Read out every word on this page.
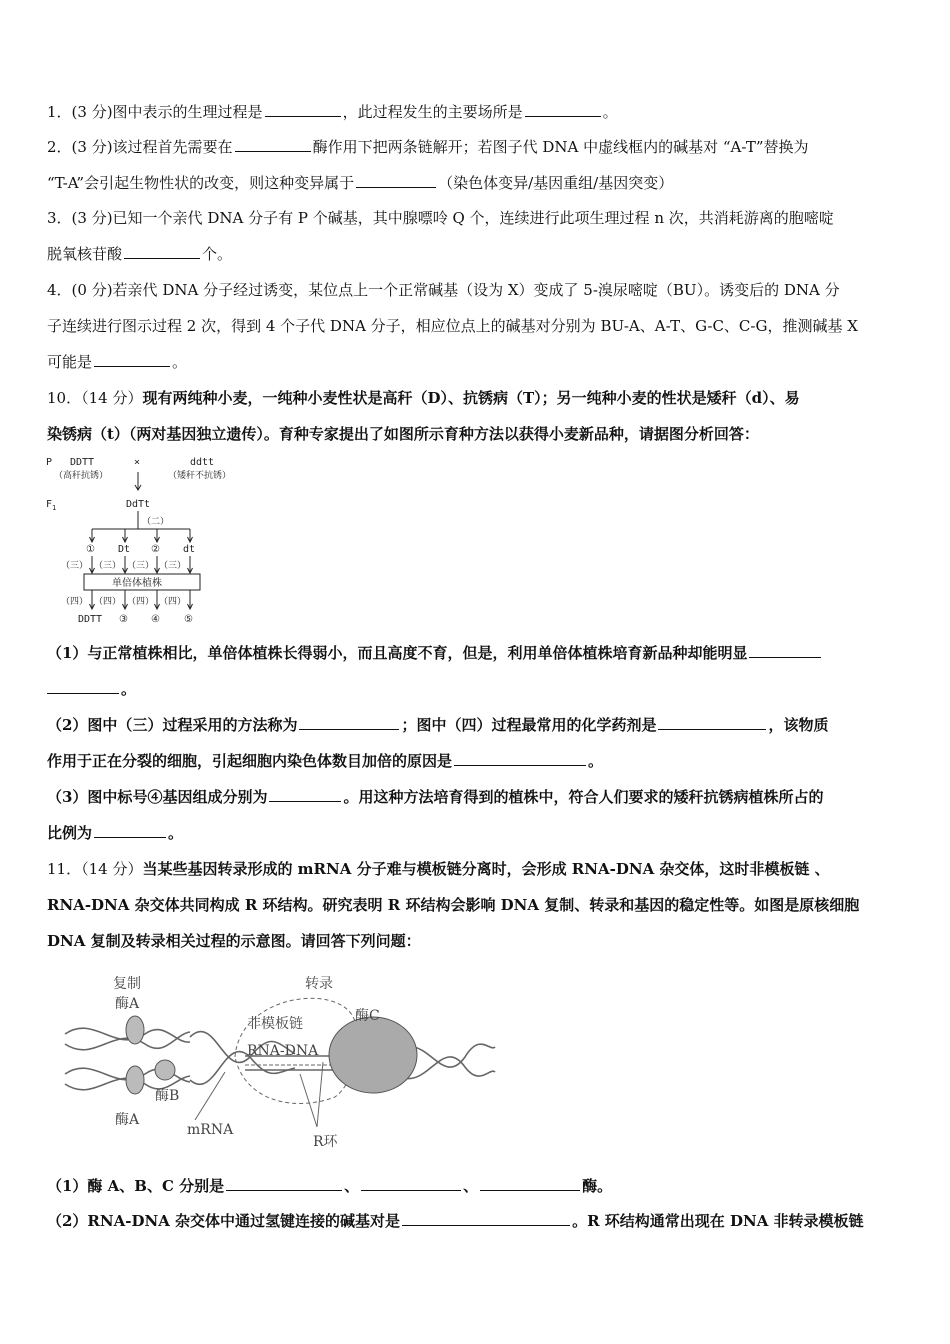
1．(3 分)图中表示的生理过程是	，此过程发生的主要场所是	。
2．(3 分)该过程首先需要在	酶作用下把两条链解开；若图子代 DNA 中虚线框内的碱基对 “A-T”替换为
“T-A”会引起生物性状的改变，则这种变异属于	（染色体变异/基因重组/基因突变）
3．(3 分)已知一个亲代 DNA 分子有 P 个碱基，其中腺嘌呤 Q 个，连续进行此项生理过程 n 次，共消耗游离的胞嘧啶
脱氧核苷酸	个。
4．(0 分)若亲代 DNA 分子经过诱变，某位点上一个正常碱基（设为 X）变成了 5-溴尿嘧啶（BU）。诱变后的 DNA 分
子连续进行图示过程 2 次，得到 4 个子代 DNA 分子，相应位点上的碱基对分别为 BU-A、A-T、G-C、C-G，推测碱基 X
可能是	。
10．（14 分）现有两纯种小麦，一纯种小麦性状是高秆（D）、抗锈病（T）；另一纯种小麦的性状是矮秆（d）、易
染锈病（t）（两对基因独立遗传）。育种专家提出了如图所示育种方法以获得小麦新品种，请据图分析回答：
P DDTT
（高秆抗锈）
×	ddtt
（矮秆不抗锈）
$F_1$	DdTt
（二）
① Dt ② dt
（三） （三） （三） （三）
单倍体植株
（四） （四） （四） （四）
DDTT ③ ④ ⑤
（1）与正常植株相比，单倍体植株长得弱小，而且高度不育，但是，利用单倍体植株培育新品种却能明显
。
（2）图中（三）过程采用的方法称为	；图中（四）过程最常用的化学药剂是	，该物质
作用于正在分裂的细胞，引起细胞内染色体数目加倍的原因是	。
（3）图中标号④基因组成分别为	。用这种方法培育得到的植株中，符合人们要求的矮秆抗锈病植株所占的
比例为	。
11．（14 分）当某些基因转录形成的 mRNA 分子难与模板链分离时，会形成 RNA-DNA 杂交体，这时非模板链 、
RNA-DNA 杂交体共同构成 R 环结构。研究表明 R 环结构会影响 DNA 复制、转录和基因的稳定性等。如图是原核细胞
DNA 复制及转录相关过程的示意图。请回答下列问题：
复制
酶A
酶B
酶A
mRNA
转录
非模板链
RNA-DNA
酶C
R环
（1）酶 A、B、C 分别是	、	、	酶。
（2）RNA-DNA 杂交体中通过氢键连接的碱基对是	。R 环结构通常出现在 DNA 非转录模板链
